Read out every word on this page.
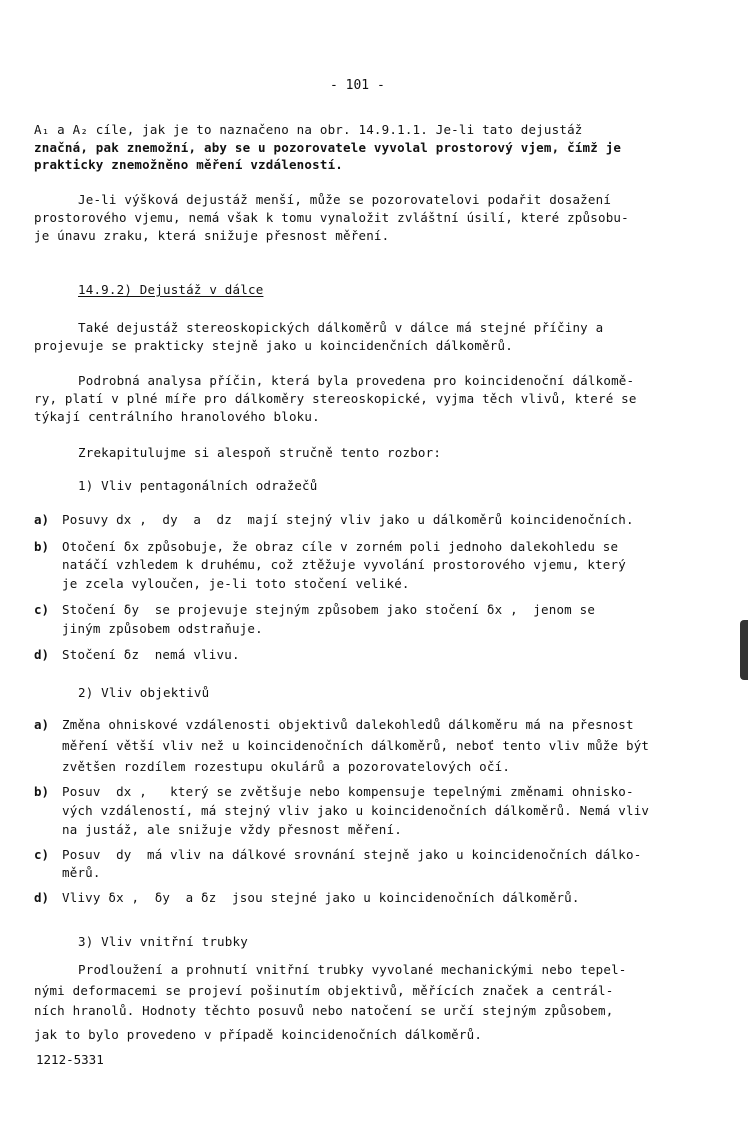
- 101 -
A₁ a A₂ cíle, jak je to naznačeno na obr. 14.9.1.1. Je-li tato dejustáž
značná, pak znemožní, aby se u pozorovatele vyvolal prostorový vjem, čímž je
prakticky znemožněno měření vzdáleností.
Je-li výšková dejustáž menší, může se pozorovatelovi podařit dosažení
prostorového vjemu, nemá však k tomu vynaložit zvláštní úsilí, které způsobu-
je únavu zraku, která snižuje přesnost měření.
14.9.2) Dejustáž v dálce
Také dejustáž stereoskopických dálkoměrů v dálce má stejné příčiny a
projevuje se prakticky stejně jako u koincidenčních dálkoměrů.
Podrobná analysa příčin, která byla provedena pro koincidenoční dálkomě-
ry, platí v plné míře pro dálkoměry stereoskopické, vyjma těch vlivů, které se
týkají centrálního hranolového bloku.
Zrekapitulujme si alespoň stručně tento rozbor:
1) Vliv pentagonálních odražečů
a) Posuvy dx ,  dy  a  dz  mají stejný vliv jako u dálkoměrů koincidenočních.
b) Otočení δx způsobuje, že obraz cíle v zorném poli jednoho dalekohledu se
natáčí vzhledem k druhému, což ztěžuje vyvolání prostorového vjemu, který
je zcela vyloučen, je-li toto stočení veliké.
c) Stočení δy  se projevuje stejným způsobem jako stočení δx ,  jenom se
jiným způsobem odstraňuje.
d) Stočení δz  nemá vlivu.
2) Vliv objektivů
a) Změna ohniskové vzdálenosti objektivů dalekohledů dálkoměru má na přesnost
měření větší vliv než u koincidenočních dálkoměrů, neboť tento vliv může být
zvětšen rozdílem rozestupu okulárů a pozorovatelových očí.
b) Posuv  dx ,   který se zvětšuje nebo kompensuje tepelnými změnami ohnisko-
vých vzdáleností, má stejný vliv jako u koincidenočních dálkoměrů. Nemá vliv
na justáž, ale snižuje vždy přesnost měření.
c) Posuv  dy  má vliv na dálkové srovnání stejně jako u koincidenočních dálko-
měrů.
d) Vlivy δx ,  δy  a δz  jsou stejné jako u koincidenočních dálkoměrů.
3) Vliv vnitřní trubky
Prodloužení a prohnutí vnitřní trubky vyvolané mechanickými nebo tepel-
nými deformacemi se projeví pošinutím objektivů, měřících značek a centrál-
ních hranolů. Hodnoty těchto posuvů nebo natočení se určí stejným způsobem,
jak to bylo provedeno v případě koincidenočních dálkoměrů.
1212-5331
